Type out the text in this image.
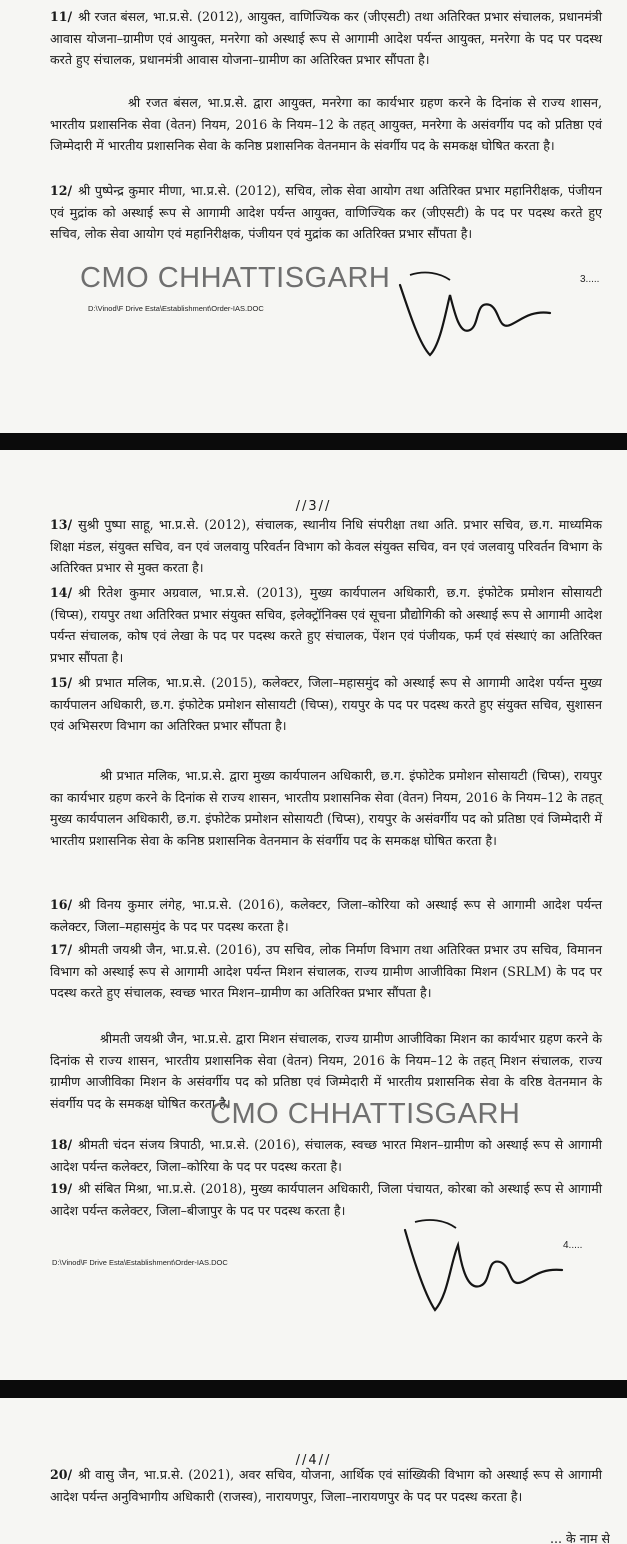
11/ श्री रजत बंसल, भा.प्र.से. (2012), आयुक्त, वाणिज्यिक कर (जीएसटी) तथा अतिरिक्त प्रभार संचालक, प्रधानमंत्री आवास योजना–ग्रामीण एवं आयुक्त, मनरेगा को अस्थाई रूप से आगामी आदेश पर्यन्त आयुक्त, मनरेगा के पद पर पदस्थ करते हुए संचालक, प्रधानमंत्री आवास योजना–ग्रामीण का अतिरिक्त प्रभार सौंपता है।

श्री रजत बंसल, भा.प्र.से. द्वारा आयुक्त, मनरेगा का कार्यभार ग्रहण करने के दिनांक से राज्य शासन, भारतीय प्रशासनिक सेवा (वेतन) नियम, 2016 के नियम–12 के तहत् आयुक्त, मनरेगा के असंवर्गीय पद को प्रतिष्ठा एवं जिम्मेदारी में भारतीय प्रशासनिक सेवा के कनिष्ठ प्रशासनिक वेतनमान के संवर्गीय पद के समकक्ष घोषित करता है।

12/ श्री पुष्पेन्द्र कुमार मीणा, भा.प्र.से. (2012), सचिव, लोक सेवा आयोग तथा अतिरिक्त प्रभार महानिरीक्षक, पंजीयन एवं मुद्रांक को अस्थाई रूप से आगामी आदेश पर्यन्त आयुक्त, वाणिज्यिक कर (जीएसटी) के पद पर पदस्थ करते हुए सचिव, लोक सेवा आयोग एवं महानिरीक्षक, पंजीयन एवं मुद्रांक का अतिरिक्त प्रभार सौंपता है।

CMO CHHATTISGARH
D:\Vinod\F Drive Esta\Establishment\Order-IAS.DOC
3.....
//3//

13/ सुश्री पुष्पा साहू, भा.प्र.से. (2012), संचालक, स्थानीय निधि संपरीक्षा तथा अति. प्रभार सचिव, छ.ग. माध्यमिक शिक्षा मंडल, संयुक्त सचिव, वन एवं जलवायु परिवर्तन विभाग को केवल संयुक्त सचिव, वन एवं जलवायु परिवर्तन विभाग के अतिरिक्त प्रभार से मुक्त करता है।

14/ श्री रितेश कुमार अग्रवाल, भा.प्र.से. (2013), मुख्य कार्यपालन अधिकारी, छ.ग. इंफोटेक प्रमोशन सोसायटी (चिप्स), रायपुर तथा अतिरिक्त प्रभार संयुक्त सचिव, इलेक्ट्रॉनिक्स एवं सूचना प्रौद्योगिकी को अस्थाई रूप से आगामी आदेश पर्यन्त संचालक, कोष एवं लेखा के पद पर पदस्थ करते हुए संचालक, पेंशन एवं पंजीयक, फर्म एवं संस्थाएं का अतिरिक्त प्रभार सौंपता है।

15/ श्री प्रभात मलिक, भा.प्र.से. (2015), कलेक्टर, जिला–महासमुंद को अस्थाई रूप से आगामी आदेश पर्यन्त मुख्य कार्यपालन अधिकारी, छ.ग. इंफोटेक प्रमोशन सोसायटी (चिप्स), रायपुर के पद पर पदस्थ करते हुए संयुक्त सचिव, सुशासन एवं अभिसरण विभाग का अतिरिक्त प्रभार सौंपता है।

श्री प्रभात मलिक, भा.प्र.से. द्वारा मुख्य कार्यपालन अधिकारी, छ.ग. इंफोटेक प्रमोशन सोसायटी (चिप्स), रायपुर का कार्यभार ग्रहण करने के दिनांक से राज्य शासन, भारतीय प्रशासनिक सेवा (वेतन) नियम, 2016 के नियम–12 के तहत् मुख्य कार्यपालन अधिकारी, छ.ग. इंफोटेक प्रमोशन सोसायटी (चिप्स), रायपुर के असंवर्गीय पद को प्रतिष्ठा एवं जिम्मेदारी में भारतीय प्रशासनिक सेवा के कनिष्ठ प्रशासनिक वेतनमान के संवर्गीय पद के समकक्ष घोषित करता है।

16/ श्री विनय कुमार लंगेह, भा.प्र.से. (2016), कलेक्टर, जिला–कोरिया को अस्थाई रूप से आगामी आदेश पर्यन्त कलेक्टर, जिला–महासमुंद के पद पर पदस्थ करता है।

17/ श्रीमती जयश्री जैन, भा.प्र.से. (2016), उप सचिव, लोक निर्माण विभाग तथा अतिरिक्त प्रभार उप सचिव, विमानन विभाग को अस्थाई रूप से आगामी आदेश पर्यन्त मिशन संचालक, राज्य ग्रामीण आजीविका मिशन (SRLM) के पद पर पदस्थ करते हुए संचालक, स्वच्छ भारत मिशन–ग्रामीण का अतिरिक्त प्रभार सौंपता है।

श्रीमती जयश्री जैन, भा.प्र.से. द्वारा मिशन संचालक, राज्य ग्रामीण आजीविका मिशन का कार्यभार ग्रहण करने के दिनांक से राज्य शासन, भारतीय प्रशासनिक सेवा (वेतन) नियम, 2016 के नियम–12 के तहत् मिशन संचालक, राज्य ग्रामीण आजीविका मिशन के असंवर्गीय पद को प्रतिष्ठा एवं जिम्मेदारी में भारतीय प्रशासनिक सेवा के वरिष्ठ वेतनमान के संवर्गीय पद के समकक्ष घोषित करता है।

18/ श्रीमती चंदन संजय त्रिपाठी, भा.प्र.से. (2016), संचालक, स्वच्छ भारत मिशन–ग्रामीण को अस्थाई रूप से आगामी आदेश पर्यन्त कलेक्टर, जिला–कोरिया के पद पर पदस्थ करता है।

19/ श्री संबित मिश्रा, भा.प्र.से. (2018), मुख्य कार्यपालन अधिकारी, जिला पंचायत, कोरबा को अस्थाई रूप से आगामी आदेश पर्यन्त कलेक्टर, जिला–बीजापुर के पद पर पदस्थ करता है।

CMO CHHATTISGARH
D:\Vinod\F Drive Esta\Establishment\Order-IAS.DOC
4.....
//4//

20/ श्री वासु जैन, भा.प्र.से. (2021), अवर सचिव, योजना, आर्थिक एवं सांख्यिकी विभाग को अस्थाई रूप से आगामी आदेश पर्यन्त अनुविभागीय अधिकारी (राजस्व), नारायणपुर, जिला–नारायणपुर के पद पर पदस्थ करता है।

... के नाम से
